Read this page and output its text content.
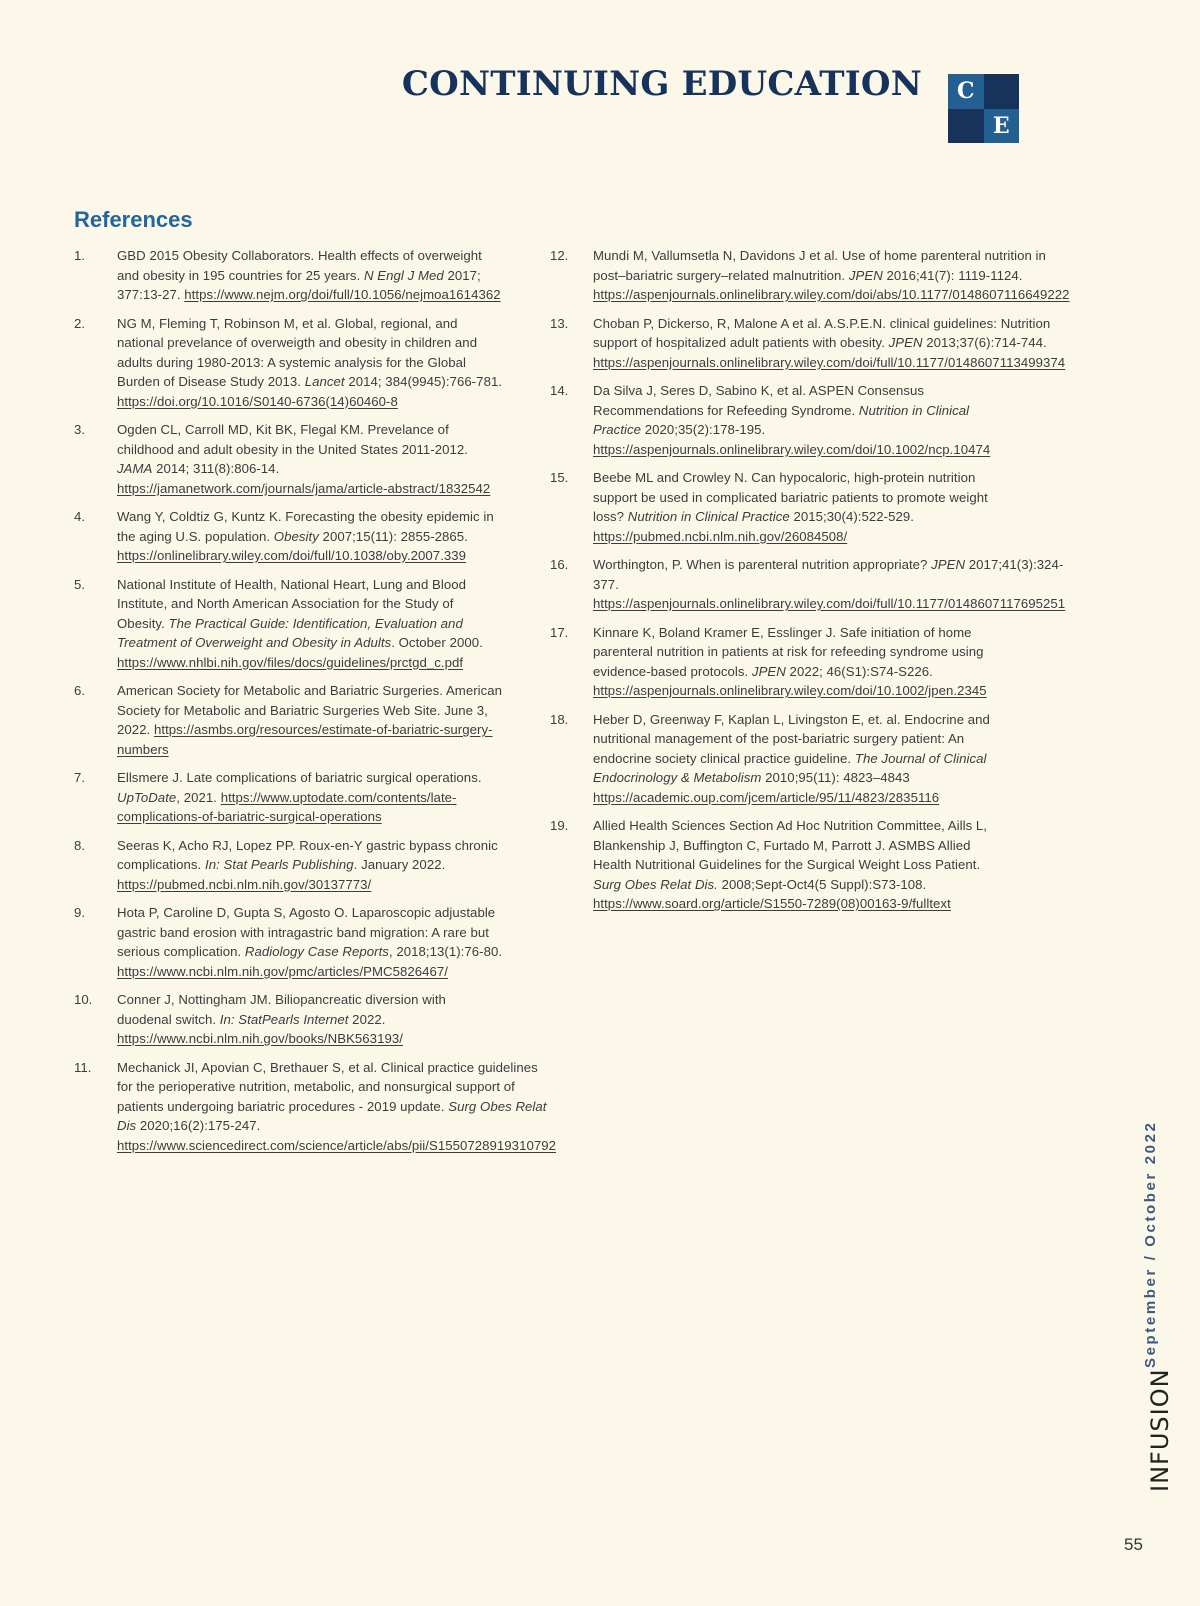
CONTINUING EDUCATION	C
E
References
1.	GBD 2015 Obesity Collaborators. Health effects of overweight and obesity in 195 countries for 25 years. N Engl J Med 2017; 377:13-27. https://www.nejm.org/doi/full/10.1056/nejmoa1614362
2.	NG M, Fleming T, Robinson M, et al. Global, regional, and national prevelance of overweigth and obesity in children and adults during 1980-2013: A systemic analysis for the Global Burden of Disease Study 2013. Lancet 2014; 384(9945):766-781. https://doi.org/10.1016/S0140-6736(14)60460-8
3.	Ogden CL, Carroll MD, Kit BK, Flegal KM. Prevelance of childhood and adult obesity in the United States 2011-2012. JAMA 2014; 311(8):806-14. https://jamanetwork.com/journals/jama/article-abstract/1832542
4.	Wang Y, Coldtiz G, Kuntz K. Forecasting the obesity epidemic in the aging U.S. population. Obesity 2007;15(11): 2855-2865. https://onlinelibrary.wiley.com/doi/full/10.1038/oby.2007.339
5.	National Institute of Health, National Heart, Lung and Blood Institute, and North American Association for the Study of Obesity. The Practical Guide: Identification, Evaluation and Treatment of Overweight and Obesity in Adults. October 2000. https://www.nhlbi.nih.gov/files/docs/guidelines/prctgd_c.pdf
6.	American Society for Metabolic and Bariatric Surgeries. American Society for Metabolic and Bariatric Surgeries Web Site. June 3, 2022. https://asmbs.org/resources/estimate-of-bariatric-surgery-numbers
7.	Ellsmere J. Late complications of bariatric surgical operations. UpToDate, 2021. https://www.uptodate.com/contents/late-complications-of-bariatric-surgical-operations
8.	Seeras K, Acho RJ, Lopez PP. Roux-en-Y gastric bypass chronic complications. In: Stat Pearls Publishing. January 2022. https://pubmed.ncbi.nlm.nih.gov/30137773/
9.	Hota P, Caroline D, Gupta S, Agosto O. Laparoscopic adjustable gastric band erosion with intragastric band migration: A rare but serious complication. Radiology Case Reports, 2018;13(1):76-80. https://www.ncbi.nlm.nih.gov/pmc/articles/PMC5826467/
10.	Conner J, Nottingham JM. Biliopancreatic diversion with duodenal switch. In: StatPearls Internet 2022. https://www.ncbi.nlm.nih.gov/books/NBK563193/
11.	Mechanick JI, Apovian C, Brethauer S, et al. Clinical practice guidelines for the perioperative nutrition, metabolic, and nonsurgical support of patients undergoing bariatric procedures - 2019 update. Surg Obes Relat Dis 2020;16(2):175-247. https://www.sciencedirect.com/science/article/abs/pii/S1550728919310792
12.	Mundi M, Vallumsetla N, Davidons J et al. Use of home parenteral nutrition in post–bariatric surgery–related malnutrition. JPEN 2016;41(7): 1119-1124. https://aspenjournals.onlinelibrary.wiley.com/doi/abs/10.1177/0148607116649222
13.	Choban P, Dickerso, R, Malone A et al. A.S.P.E.N. clinical guidelines: Nutrition support of hospitalized adult patients with obesity. JPEN 2013;37(6):714-744. https://aspenjournals.onlinelibrary.wiley.com/doi/full/10.1177/0148607113499374
14.	Da Silva J, Seres D, Sabino K, et al. ASPEN Consensus Recommendations for Refeeding Syndrome. Nutrition in Clinical Practice 2020;35(2):178-195. https://aspenjournals.onlinelibrary.wiley.com/doi/10.1002/ncp.10474
15.	Beebe ML and Crowley N. Can hypocaloric, high-protein nutrition support be used in complicated bariatric patients to promote weight loss? Nutrition in Clinical Practice 2015;30(4):522-529. https://pubmed.ncbi.nlm.nih.gov/26084508/
16.	Worthington, P. When is parenteral nutrition appropriate? JPEN 2017;41(3):324-377. https://aspenjournals.onlinelibrary.wiley.com/doi/full/10.1177/0148607117695251
17.	Kinnare K, Boland Kramer E, Esslinger J. Safe initiation of home parenteral nutrition in patients at risk for refeeding syndrome using evidence-based protocols. JPEN 2022; 46(S1):S74-S226. https://aspenjournals.onlinelibrary.wiley.com/doi/10.1002/jpen.2345
18.	Heber D, Greenway F, Kaplan L, Livingston E, et. al. Endocrine and nutritional management of the post-bariatric surgery patient: An endocrine society clinical practice guideline. The Journal of Clinical Endocrinology & Metabolism 2010;95(11): 4823–4843 https://academic.oup.com/jcem/article/95/11/4823/2835116
19.	Allied Health Sciences Section Ad Hoc Nutrition Committee, Aills L, Blankenship J, Buffington C, Furtado M, Parrott J. ASMBS Allied Health Nutritional Guidelines for the Surgical Weight Loss Patient. Surg Obes Relat Dis. 2008;Sept-Oct4(5 Suppl):S73-108. https://www.soard.org/article/S1550-7289(08)00163-9/fulltext
September / October 2022
INFUSION
55
